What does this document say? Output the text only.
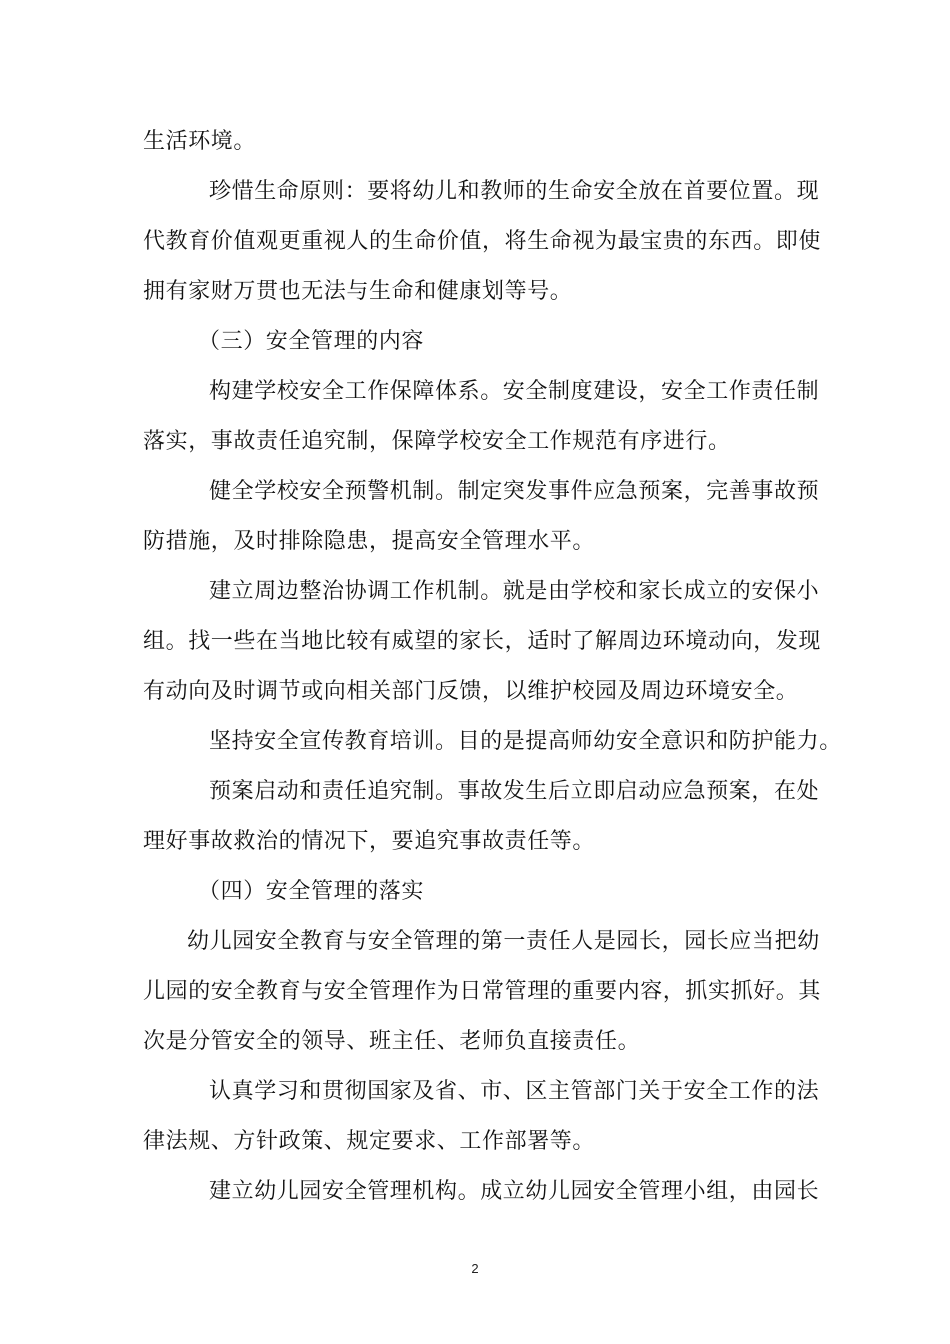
生活环境。
珍惜生命原则：要将幼儿和教师的生命安全放在首要位置。现
代教育价值观更重视人的生命价值，将生命视为最宝贵的东西。即使
拥有家财万贯也无法与生命和健康划等号。
（三）安全管理的内容
构建学校安全工作保障体系。安全制度建设，安全工作责任制
落实，事故责任追究制，保障学校安全工作规范有序进行。
健全学校安全预警机制。制定突发事件应急预案，完善事故预
防措施，及时排除隐患，提高安全管理水平。
建立周边整治协调工作机制。就是由学校和家长成立的安保小
组。找一些在当地比较有威望的家长，适时了解周边环境动向，发现
有动向及时调节或向相关部门反馈，以维护校园及周边环境安全。
坚持安全宣传教育培训。目的是提高师幼安全意识和防护能力。
预案启动和责任追究制。事故发生后立即启动应急预案，在处
理好事故救治的情况下，要追究事故责任等。
（四）安全管理的落实
幼儿园安全教育与安全管理的第一责任人是园长，园长应当把幼
儿园的安全教育与安全管理作为日常管理的重要内容，抓实抓好。其
次是分管安全的领导、班主任、老师负直接责任。
认真学习和贯彻国家及省、市、区主管部门关于安全工作的法
律法规、方针政策、规定要求、工作部署等。
建立幼儿园安全管理机构。成立幼儿园安全管理小组，由园长
2
